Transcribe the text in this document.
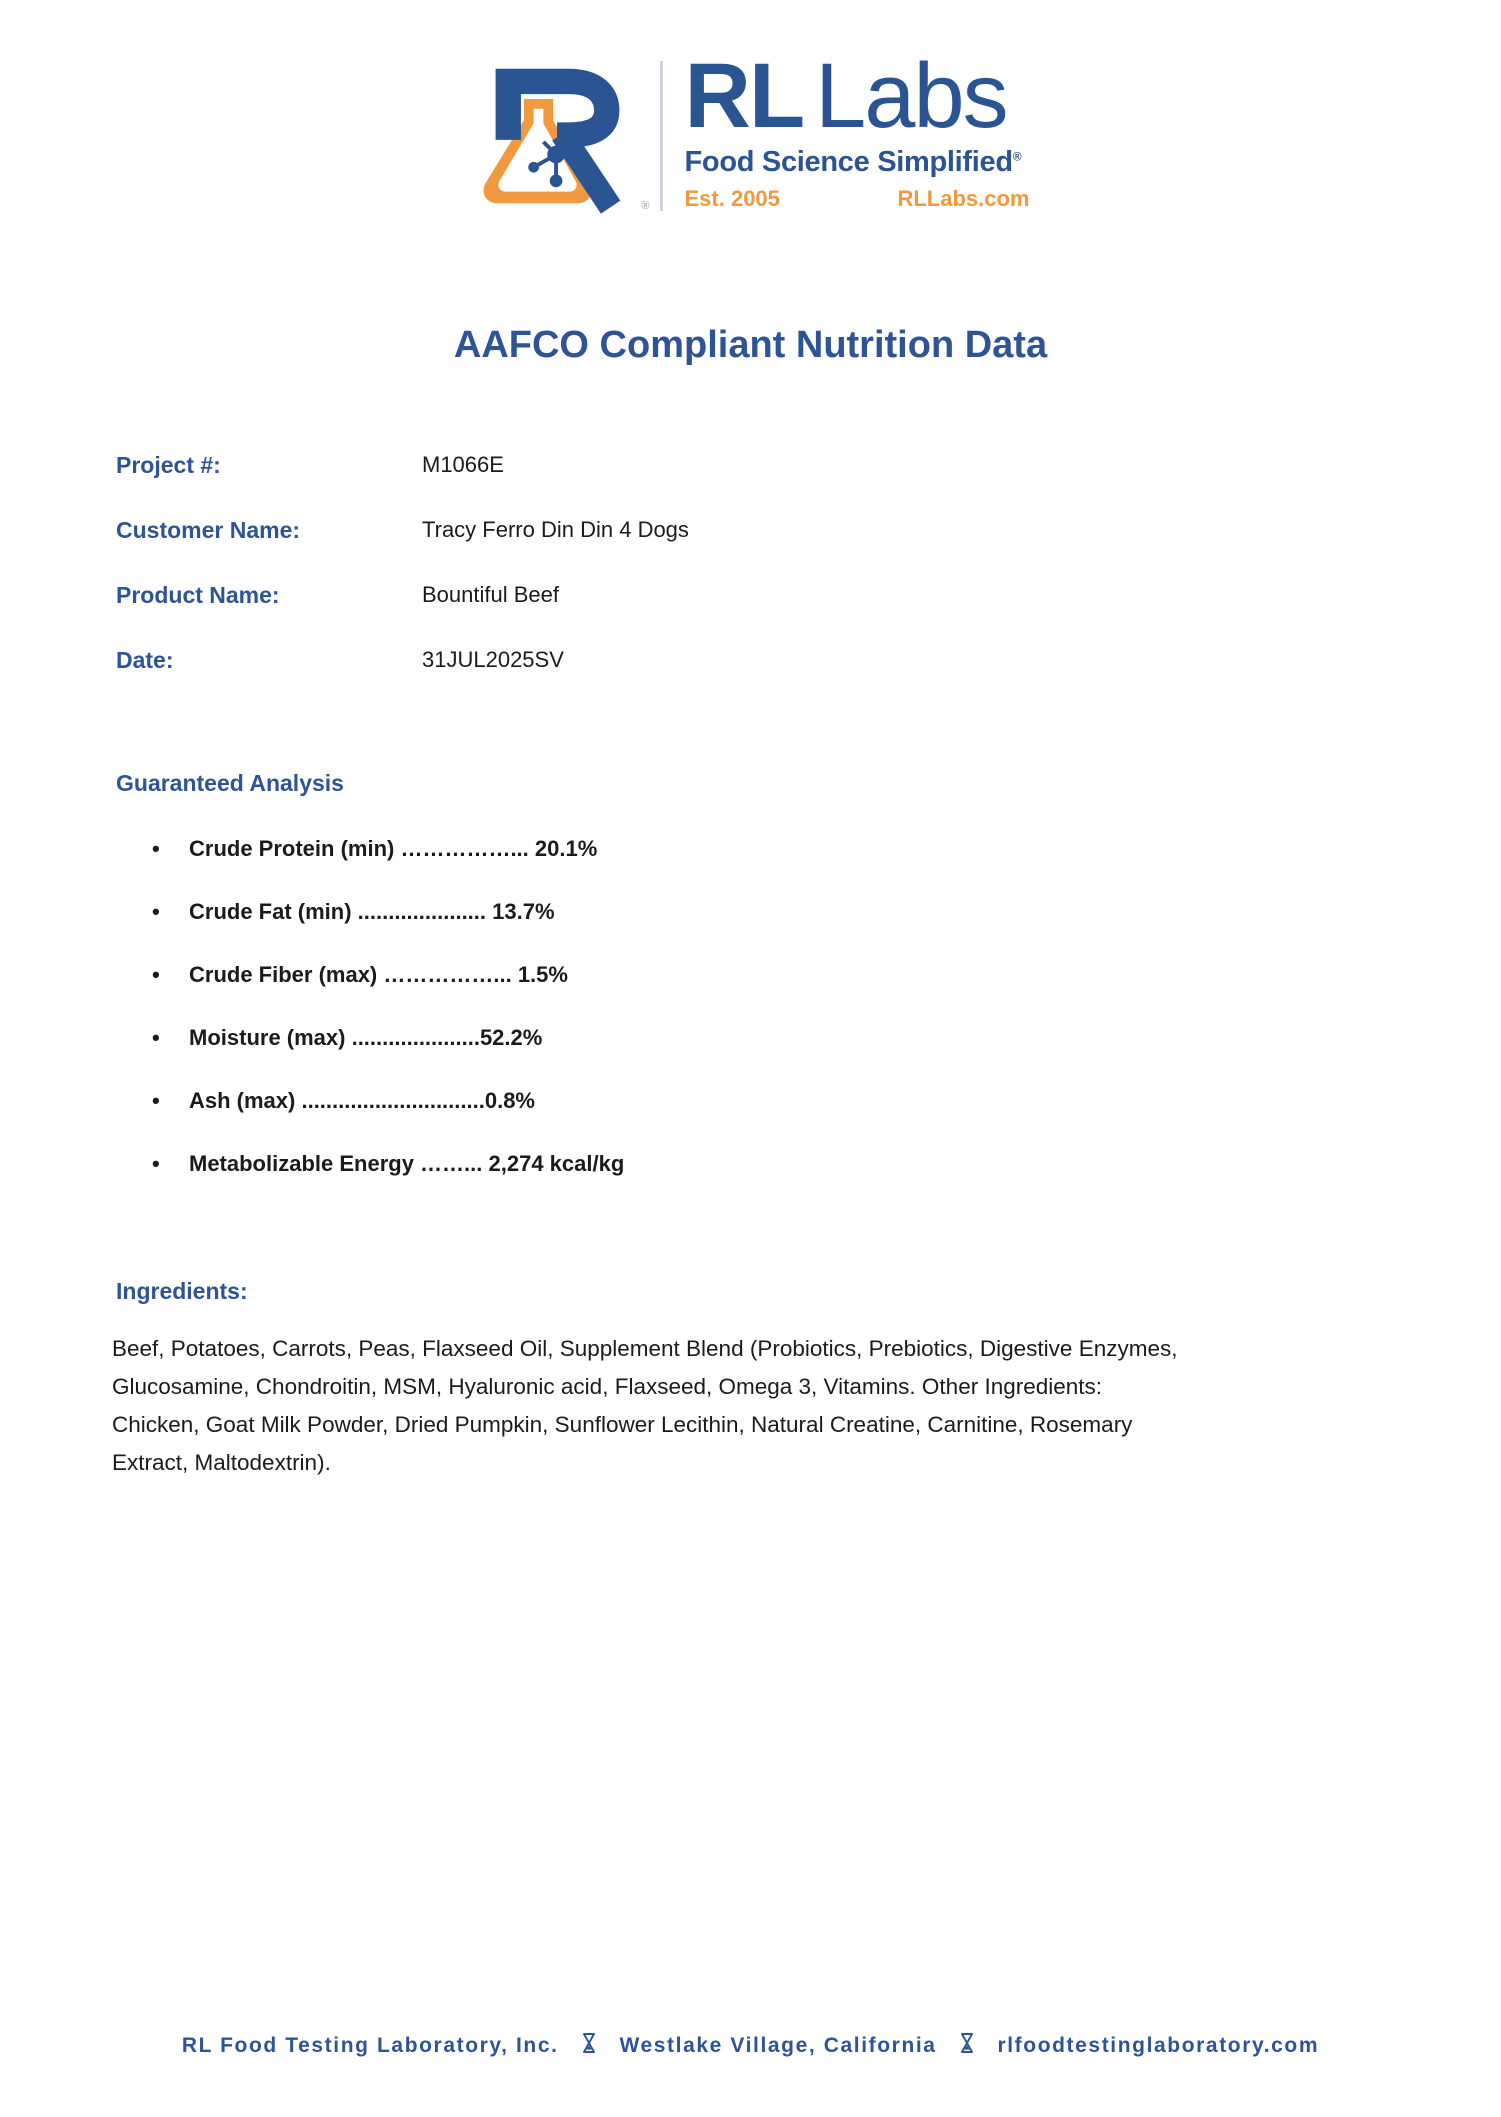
®
RL Labs
Food Science Simplified®
Est. 2005	RLLabs.com
AAFCO Compliant Nutrition Data
Project #:	M1066E
Customer Name:	Tracy Ferro Din Din 4 Dogs
Product Name:	Bountiful Beef
Date:	31JUL2025SV
Guaranteed Analysis
•	Crude Protein (min) ……………... 20.1%
•	Crude Fat (min) ..................... 13.7%
•	Crude Fiber (max) ……………... 1.5%
•	Moisture (max) .....................52.2%
•	Ash (max) ..............................0.8%
•	Metabolizable Energy ……... 2,274 kcal/kg
Ingredients:
Beef, Potatoes, Carrots, Peas, Flaxseed Oil, Supplement Blend (Probiotics, Prebiotics, Digestive Enzymes,
Glucosamine, Chondroitin, MSM, Hyaluronic acid, Flaxseed, Omega 3, Vitamins. Other Ingredients:
Chicken, Goat Milk Powder, Dried Pumpkin, Sunflower Lecithin, Natural Creatine, Carnitine, Rosemary
Extract, Maltodextrin).
RL Food Testing Laboratory, Inc.	Westlake Village, California	rlfoodtestinglaboratory.com
